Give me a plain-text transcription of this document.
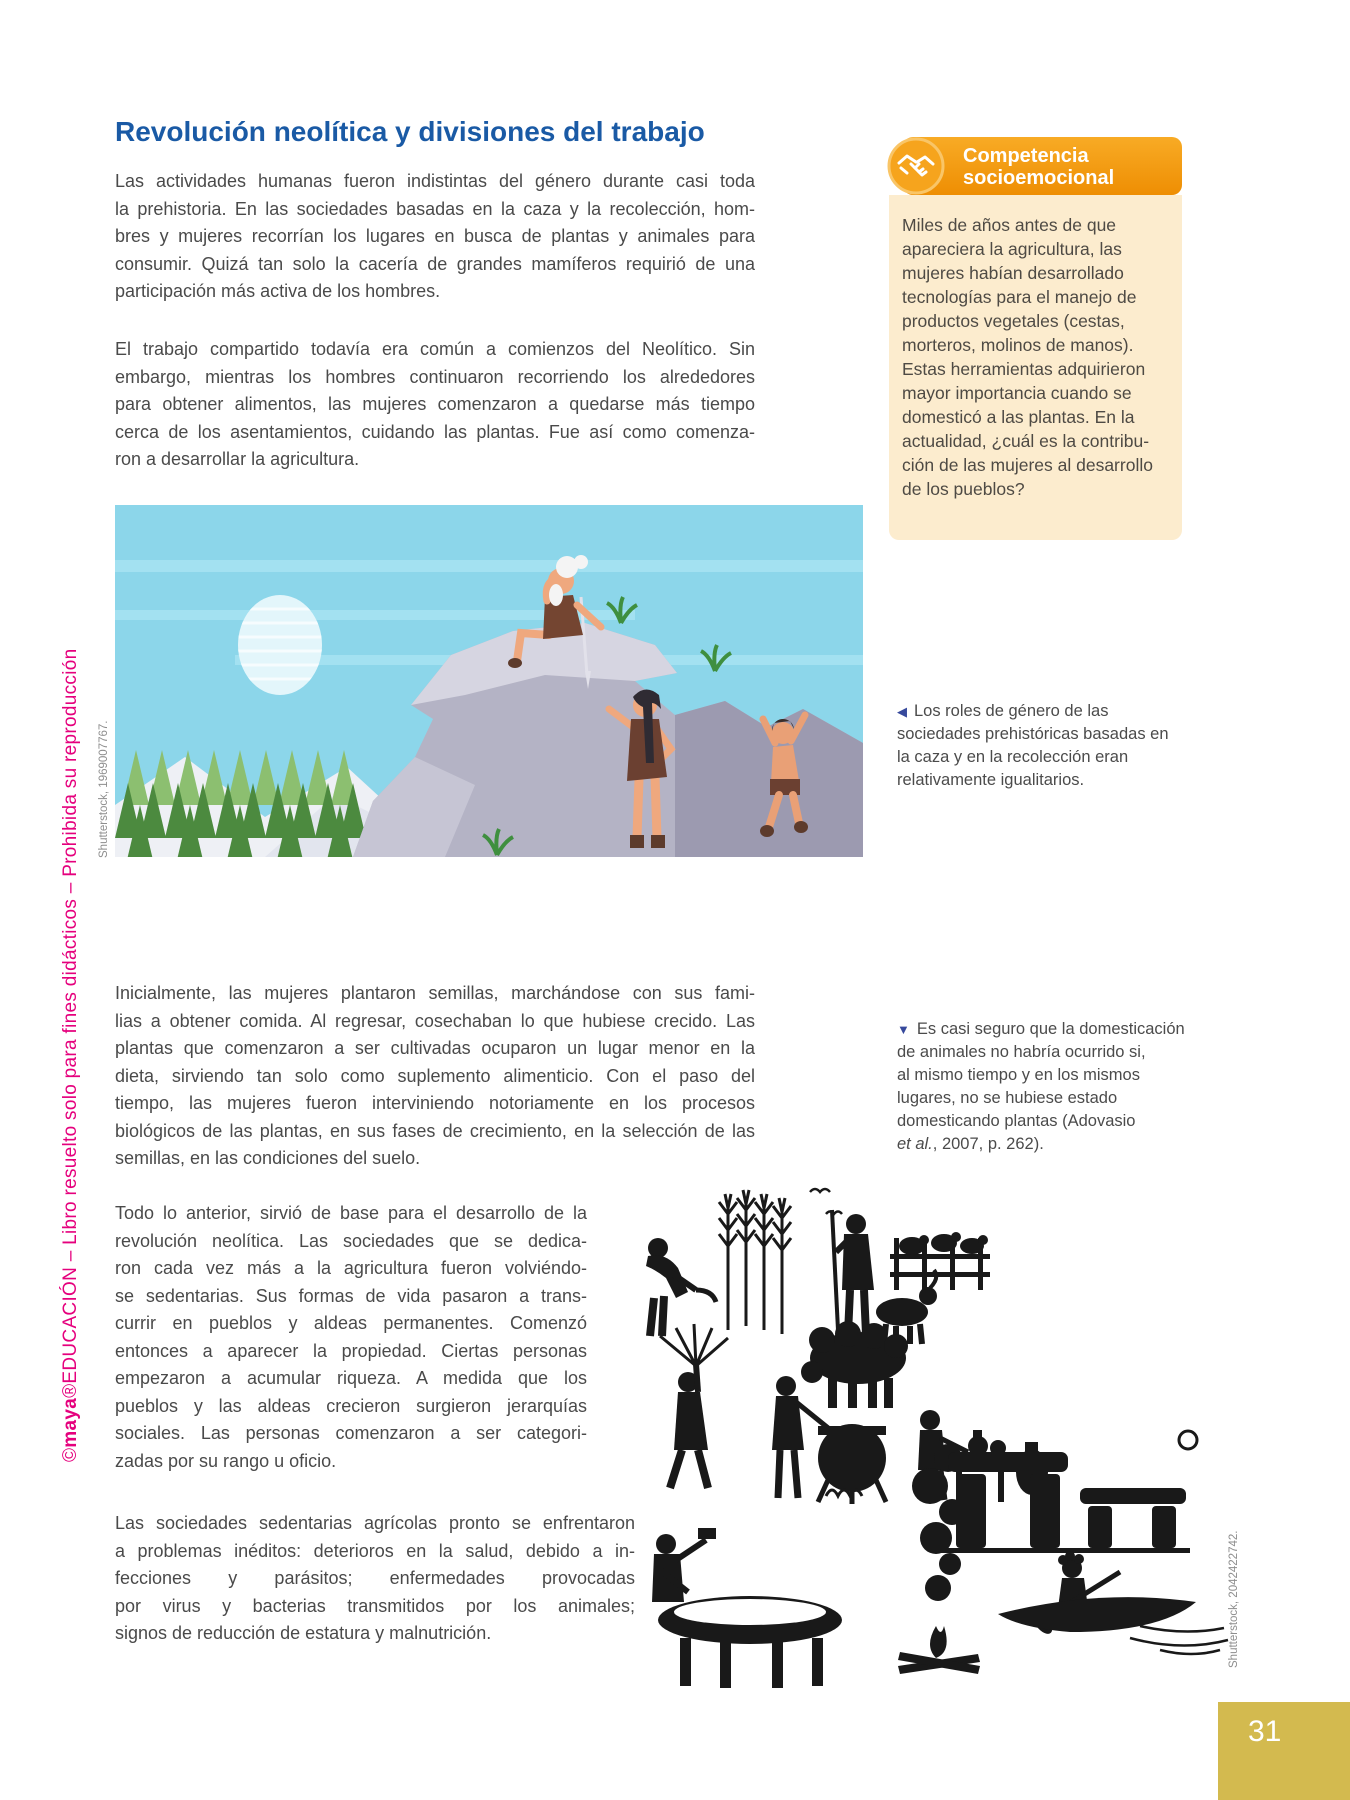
Revolución neolítica y divisiones del trabajo
Las actividades humanas fueron indistintas del género durante casi toda
la prehistoria. En las sociedades basadas en la caza y la recolección, hom-
bres y mujeres recorrían los lugares en busca de plantas y animales para
consumir. Quizá tan solo la cacería de grandes mamíferos requirió de una
participación más activa de los hombres.
El trabajo compartido todavía era común a comienzos del Neolítico. Sin
embargo, mientras los hombres continuaron recorriendo los alrededores
para obtener alimentos, las mujeres comenzaron a quedarse más tiempo
cerca de los asentamientos, cuidando las plantas. Fue así como comenza-
ron a desarrollar la agricultura.
Inicialmente, las mujeres plantaron semillas, marchándose con sus fami-
lias a obtener comida. Al regresar, cosechaban lo que hubiese crecido. Las
plantas que comenzaron a ser cultivadas ocuparon un lugar menor en la
dieta, sirviendo tan solo como suplemento alimenticio. Con el paso del
tiempo, las mujeres fueron interviniendo notoriamente en los procesos
biológicos de las plantas, en sus fases de crecimiento, en la selección de las
semillas, en las condiciones del suelo.
Todo lo anterior, sirvió de base para el desarrollo de la
revolución neolítica. Las sociedades que se dedica-
ron cada vez más a la agricultura fueron volviéndo-
se sedentarias. Sus formas de vida pasaron a trans-
currir en pueblos y aldeas permanentes. Comenzó
entonces a aparecer la propiedad. Ciertas personas
empezaron a acumular riqueza. A medida que los
pueblos y las aldeas crecieron surgieron jerarquías
sociales. Las personas comenzaron a ser categori-
zadas por su rango u oficio.
Las sociedades sedentarias agrícolas pronto se enfrentaron
a problemas inéditos: deterioros en la salud, debido a in-
fecciones y parásitos; enfermedades provocadas
por virus y bacterias transmitidos por los animales;
signos de reducción de estatura y malnutrición.
Competencia
socioemocional
Miles de años antes de que
apareciera la agricultura, las
mujeres habían desarrollado
tecnologías para el manejo de
productos vegetales (cestas,
morteros, molinos de manos).
Estas herramientas adquirieron
mayor importancia cuando se
domesticó a las plantas. En la
actualidad, ¿cuál es la contribu-
ción de las mujeres al desarrollo
de los pueblos?
◀ Los roles de género de las
sociedades prehistóricas basadas en
la caza y en la recolección eran
relativamente igualitarios.
▼ Es casi seguro que la domesticación
de animales no habría ocurrido si,
al mismo tiempo y en los mismos
lugares, no se hubiese estado
domesticando plantas (Adovasio
et al., 2007, p. 262).
©maya®EDUCACIÓN – Libro resuelto solo para fines didácticos – Prohibida su reproducción Shutterstock, 1969007767.
Shutterstock, 2042422742.
31
